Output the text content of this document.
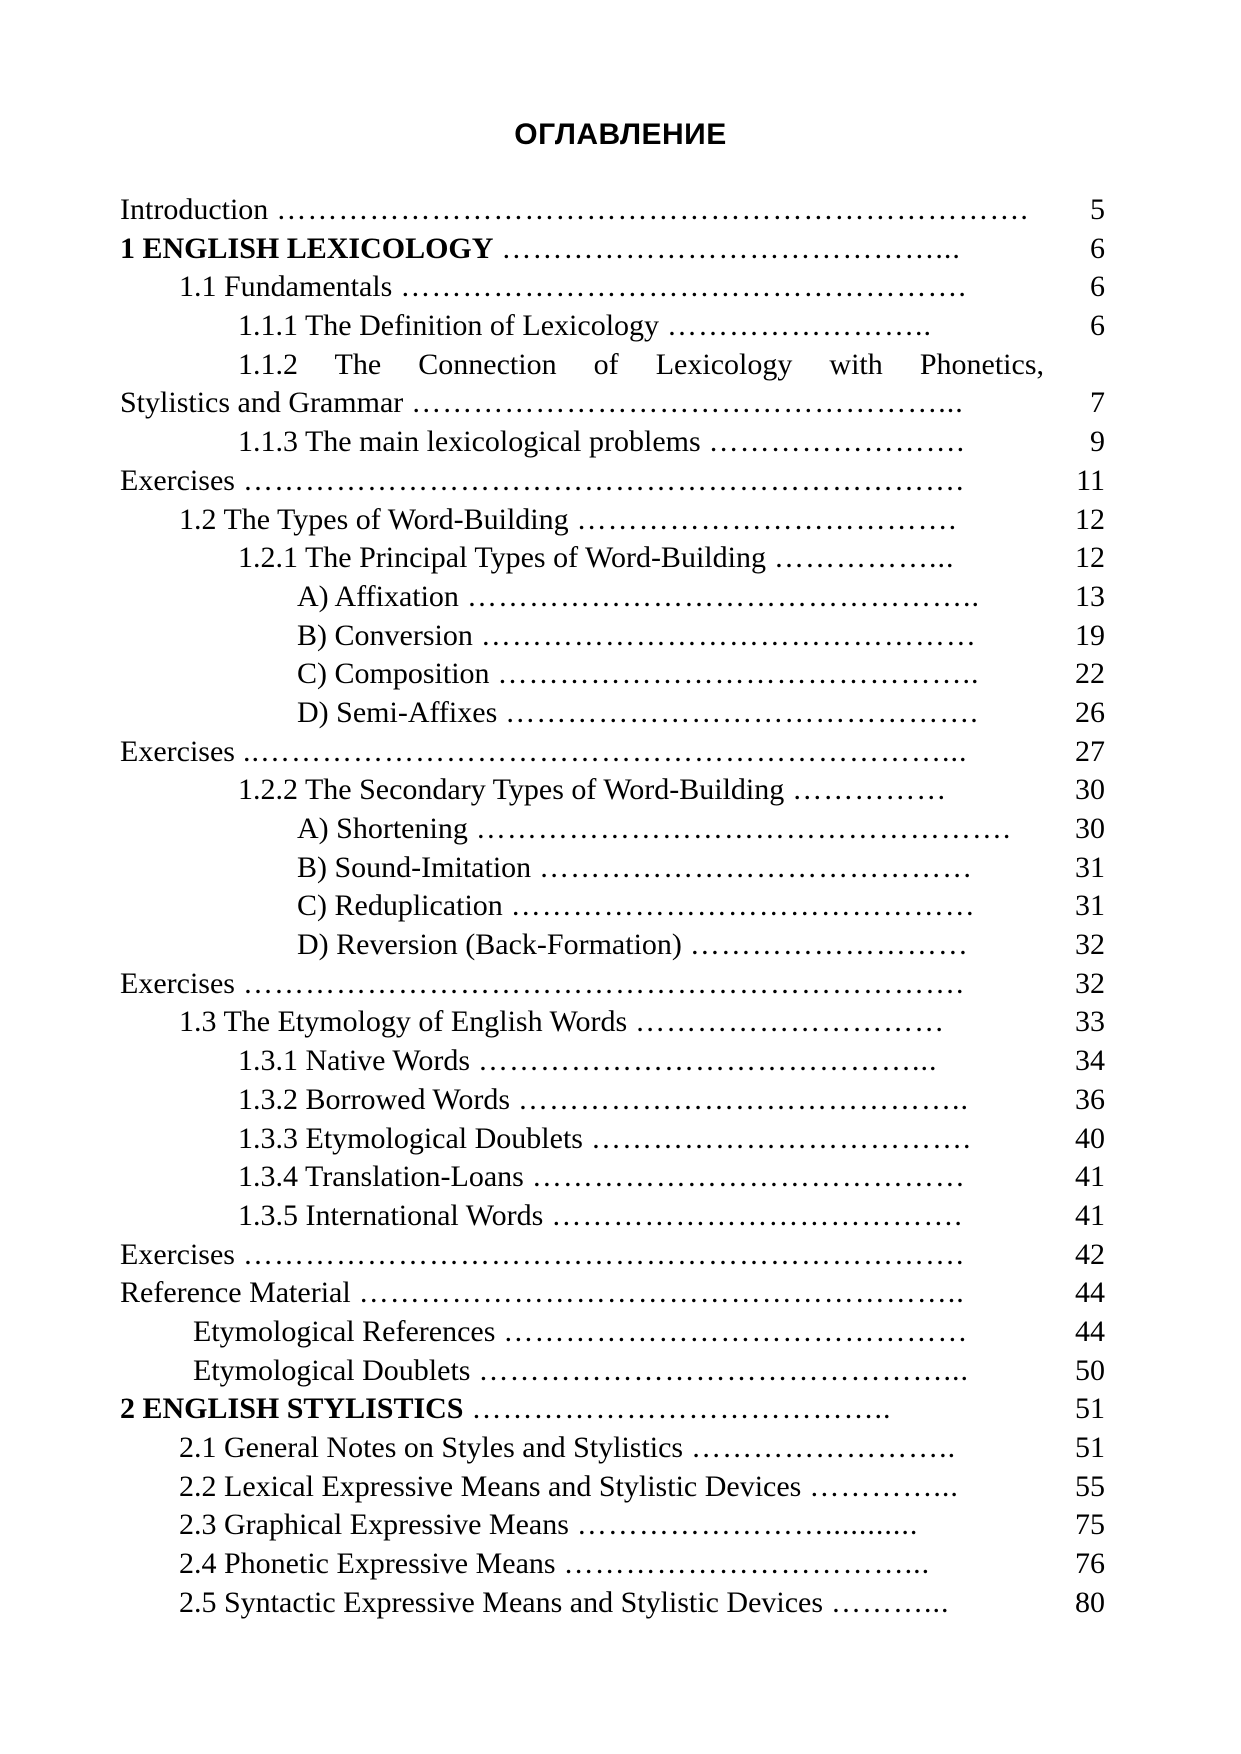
ОГЛАВЛЕНИЕ
Introduction ……………………………………………………………….	5
1 ENGLISH LEXICOLOGY ……………………………………...	6
1.1 Fundamentals ……………………………………………….	6
1.1.1 The Definition of Lexicology ……………………..	6
1.1.2 The Connection of Lexicology with Phonetics,
Stylistics and Grammar ……………………………………………...	7
1.1.3 The main lexicological problems …………………….	9
Exercises …………………………………………………………….	11
1.2 The Types of Word-Building ……………………………….	12
1.2.1 The Principal Types of Word-Building ……………...	12
A) Affixation …………………………………………..	13
B) Conversion …………………………………………	19
C) Composition ………………………………………..	22
D) Semi-Affixes ……………………………………….	26
Exercises ..…………………………………………………………...	27
1.2.2 The Secondary Types of Word-Building ……………	30
A) Shortening …………………………………………….	30
B) Sound-Imitation ……………………………………	31
C) Reduplication ………………………………………	31
D) Reversion (Back-Formation) ………………………	32
Exercises …………………………………………………………….	32
1.3 The Etymology of English Words …………………………	33
1.3.1 Native Words ……………………………………...	34
1.3.2 Borrowed Words ……………………………………..	36
1.3.3 Etymological Doublets ……………………………….	40
1.3.4 Translation-Loans ……………………………………	41
1.3.5 International Words ………………………………….	41
Exercises …………………………………………………………….	42
Reference Material …………………………………………………..	44
Etymological References ………………………………………	44
Etymological Doublets ………………………………………...	50
2 ENGLISH STYLISTICS …………………………………..	51
2.1 General Notes on Styles and Stylistics ……………………..	51
2.2 Lexical Expressive Means and Stylistic Devices …………...	55
2.3 Graphical Expressive Means ……………………...........	75
2.4 Phonetic Expressive Means ……………………………...	76
2.5 Syntactic Expressive Means and Stylistic Devices ………...	80
